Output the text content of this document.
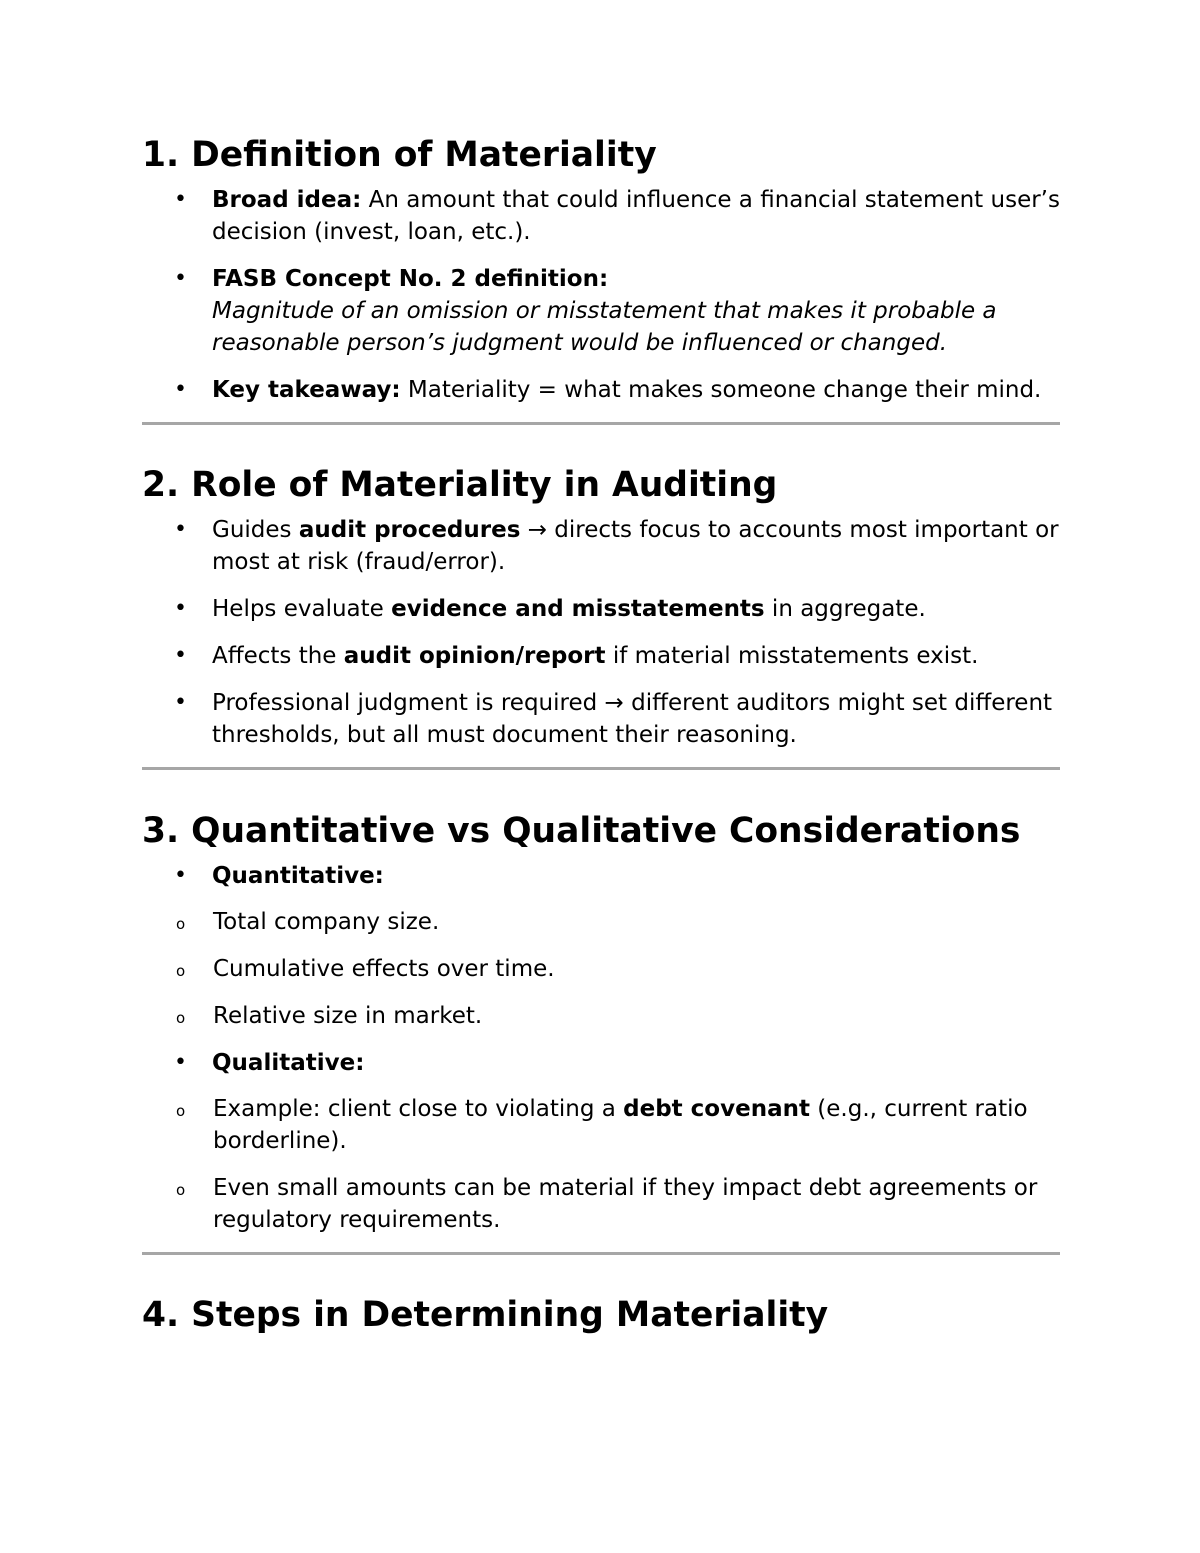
1. Definition of Materiality
• Broad idea: An amount that could influence a financial statement user’s decision (invest, loan, etc.).
• FASB Concept No. 2 definition:
Magnitude of an omission or misstatement that makes it probable a reasonable person’s judgment would be influenced or changed.
• Key takeaway: Materiality = what makes someone change their mind.
2. Role of Materiality in Auditing
• Guides audit procedures → directs focus to accounts most important or most at risk (fraud/error).
• Helps evaluate evidence and misstatements in aggregate.
• Affects the audit opinion/report if material misstatements exist.
• Professional judgment is required → different auditors might set different thresholds, but all must document their reasoning.
3. Quantitative vs Qualitative Considerations
• Quantitative:
o Total company size.
o Cumulative effects over time.
o Relative size in market.
• Qualitative:
o Example: client close to violating a debt covenant (e.g., current ratio borderline).
o Even small amounts can be material if they impact debt agreements or regulatory requirements.
4. Steps in Determining Materiality
